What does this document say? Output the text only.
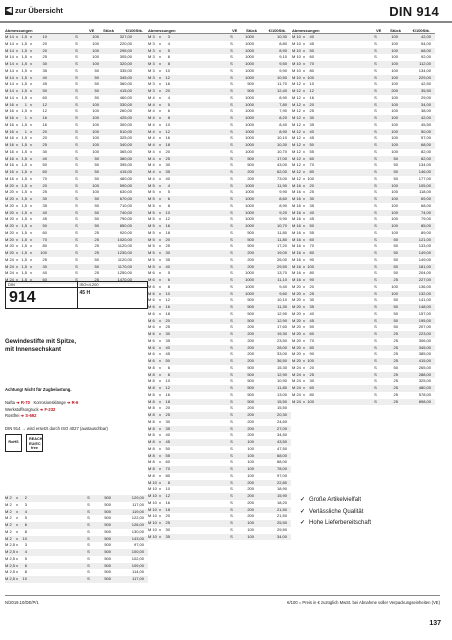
◀ zur Übersicht	DIN 914
Abmessungen	VE	Stück	€/100Stk.
M 14 x 1,5 x	10	S	100	327,00
M 14 x 1,5 x	20	S	100	220,00
M 14 x 1,5 x	20	S	100	295,00
M 14 x 1,5 x	25	S	100	305,00
M 14 x 1,5 x	30	S	100	320,00
M 14 x 1,5 x	35	S	50	335,00
M 14 x 1,5 x	40	S	50	345,00
M 14 x 1,5 x	45	S	50	360,00
M 14 x 1,5 x	50	S	50	415,00
M 14 x 1,5 x	60	S	50	460,00
M 16 x	1 x	12	S	100	330,00
M 16 x 1,5 x	12	S	100	260,00
M 16 x	1 x	16	S	100	425,00
M 16 x 1,5 x	16	S	100	300,00
M 16 x	1 x	20	S	100	510,00
M 16 x 1,5 x	20	S	100	325,00
M 16 x 1,5 x	25	S	100	340,00
M 16 x 1,5 x	30	S	100	365,00
M 16 x 1,5 x	40	S	50	380,00
M 16 x 1,5 x	50	S	50	395,00
M 16 x 1,5 x	60	S	50	415,00
M 16 x 1,5 x	70	S	50	460,00
M 20 x 1,5 x	20	S	100	590,00
M 20 x 1,5 x	25	S	100	630,00
M 20 x 1,5 x	30	S	50	670,00
M 20 x 1,5 x	35	S	50	710,00
M 20 x 1,5 x	40	S	50	740,00
M 20 x 1,5 x	45	S	50	790,00
M 20 x 1,5 x	50	S	50	850,00
M 20 x 1,5 x	60	S	25	920,00
M 20 x 1,5 x	70	S	25	1020,00
M 20 x 1,5 x	80	S	25	1120,00
M 20 x 1,5 x	100	S	25	1230,00
M 24 x 1,5 x	25	S	50	1120,00
M 24 x 1,5 x	30	S	50	1170,00
M 24 x 1,5 x	40	S	25	1250,00
M 24 x 1,5 x	60	S	25	1470,00
M 2	x	2	S	500	129,00
M 2	x	3	S	500	117,00
M 2	x	4	S	500	119,00
M 2	x	5	S	500	122,00
M 2	x	6	S	500	126,00
M 2	x	8	S	500	130,00
M 2	x	10	S	500	143,00
M 2,5 x	3	S	500	97,00
M 2,5 x	4	S	500	100,00
M 2,5 x	5	S	500	102,00
M 2,5 x	6	S	500	109,00
M 2,5 x	8	S	500	114,00
M 2,5 x	10	S	500	117,00
Abmessungen	VE	Stück	€/100Stk.
M 3	x	3	S	1000	10,30
M 3	x	4	S	1000	8,80
M 3	x	5	S	1000	8,90
M 3	x	6	S	1000	9,10
M 3	x	8	S	1000	9,50
M 3	x	10	S	1000	9,90
M 3	x	12	S	1000	10,50
M 3	x	16	S	500	11,70
M 3	x	20	S	500	12,40
M 4	x	4	S	1000	8,90
M 4	x	5	S	1000	7,80
M 4	x	6	S	1000	7,90
M 4	x	8	S	1000	8,20
M 4	x	10	S	1000	8,40
M 4	x	12	S	1000	8,90
M 4	x	16	S	1000	10,10
M 4	x	18	S	1000	10,30
M 4	x	20	S	1000	10,70
M 4	x	25	S	500	17,00
M 4	x	30	S	500	43,00
M 4	x	35	S	200	62,00
M 4	x	40	S	200	73,00
M 5	x	4	S	1000	11,90
M 5	x	5	S	1000	9,90
M 5	x	6	S	1000	8,60
M 5	x	8	S	1000	8,90
M 5	x	10	S	1000	9,20
M 5	x	12	S	1000	9,90
M 5	x	16	S	1000	10,70
M 5	x	18	S	500	11,80
M 5	x	20	S	500	11,80
M 5	x	25	S	500	17,20
M 5	x	30	S	200	19,00
M 5	x	35	S	200	26,00
M 5	x	40	S	200	29,50
M 6	x	5	S	1000	13,70
M 6	x	6	S	1000	11,10
M 6	x	8	S	1000	9,40
M 6	x	10	S	1000	9,60
M 6	x	12	S	500	10,10
M 6	x	16	S	500	11,30
M 6	x	18	S	500	12,90
M 6	x	20	S	500	12,90
M 6	x	25	S	200	17,60
M 6	x	30	S	200	19,30
M 6	x	35	S	200	23,50
M 6	x	40	S	200	28,00
M 6	x	45	S	200	33,00
M 6	x	50	S	200	36,50
M 8	x	6	S	500	15,30
M 8	x	8	S	500	12,90
M 8	x	10	S	500	10,90
M 8	x	12	S	500	11,80
M 8	x	16	S	500	13,00
M 8	x	18	S	500	15,50
M 8	x	20	S	200	15,50
M 8	x	25	S	200	20,30
M 8	x	30	S	200	24,60
M 8	x	35	S	200	27,00
M 8	x	40	S	200	34,50
M 8	x	45	S	100	43,50
M 8	x	50	S	100	47,50
M 8	x	55	S	100	68,00
M 8	x	60	S	100	68,00
M 8	x	70	S	100	78,00
M 8	x	80	S	100	97,00
M 10 x	8	S	200	22,80
M 10 x	10	S	200	18,90
M 10 x	12	S	200	15,90
M 10 x	16	S	200	18,20
M 10 x	18	S	200	21,50
M 10 x	20	S	200	21,50
M 10 x	25	S	100	25,50
M 10 x	30	S	100	29,50
M 10 x	35	S	100	34,00
Abmessungen	VE	Stück	€/100Stk.
M 10 x	40	S	100	42,00
M 10 x	45	S	100	54,00
M 10 x	50	S	100	68,00
M 10 x	60	S	100	92,00
M 10 x	70	S	100	112,00
M 10 x	80	S	100	134,00
M 10 x 100	S	100	229,00
M 12 x	10	S	100	42,50
M 12 x	12	S	200	35,50
M 12 x	16	S	100	29,00
M 12 x	20	S	100	34,00
M 12 x	25	S	100	38,00
M 12 x	30	S	100	42,00
M 12 x	35	S	100	45,50
M 12 x	40	S	100	50,00
M 12 x	45	S	100	57,00
M 12 x	50	S	100	68,00
M 12 x	55	S	100	82,00
M 12 x	60	S	50	82,00
M 12 x	70	S	50	134,00
M 12 x	80	S	50	146,00
M 12 x 100	S	50	177,00
M 16 x	20	S	100	105,00
M 16 x	25	S	100	118,00
M 16 x	30	S	100	69,00
M 16 x	35	S	100	68,00
M 16 x	40	S	100	74,00
M 16 x	45	S	100	79,00
M 16 x	50	S	100	85,00
M 16 x	55	S	100	89,00
M 16 x	60	S	50	121,00
M 16 x	70	S	50	133,00
M 16 x	80	S	50	149,00
M 16 x	90	S	50	149,00
M 16 x 100	S	50	181,00
M 16 x	80	S	50	204,00
M 16 x	90	S	25	227,00
M 20 x	20	S	100	136,00
M 20 x	25	S	100	132,00
M 20 x	30	S	50	141,00
M 20 x	35	S	50	148,00
M 20 x	40	S	50	157,00
M 20 x	45	S	50	195,00
M 20 x	50	S	50	207,00
M 20 x	60	S	25	223,00
M 20 x	70	S	25	306,00
M 20 x	80	S	25	345,00
M 20 x	90	S	25	385,00
M 20 x 100	S	25	415,00
M 24 x	20	S	50	265,00
M 24 x	25	S	25	288,00
M 24 x	30	S	25	325,00
M 24 x	60	S	25	480,00
M 24 x	80	S	25	578,00
M 24 x 100	S	25	898,00
DIN	ISO≈4.200
914	45 H
Gewindestifte mit Spitze,
mit Innensechskant
Achtung! Nicht für Zugbelastung.
Nafta ➔ R-70 Korrosionsklänge ➔ R-6
Werkstoffsorgruck ➔ F-232
Rostfrei ➔ S-692
DIN 914 → wird ersetzt durch ISO 4027 (austauschbar)
RoHS
REACH
EU/EC
free
✓ Große Artikelvielfalt
✓ Verlässliche Qualität
✓ Hohe Lieferbereitschaft
N/2019.10/DE/P/1	€/100 = Preis in € zuzüglich MwSt. bei Abnahme voller Verpackungseinheiten (VE)
137
